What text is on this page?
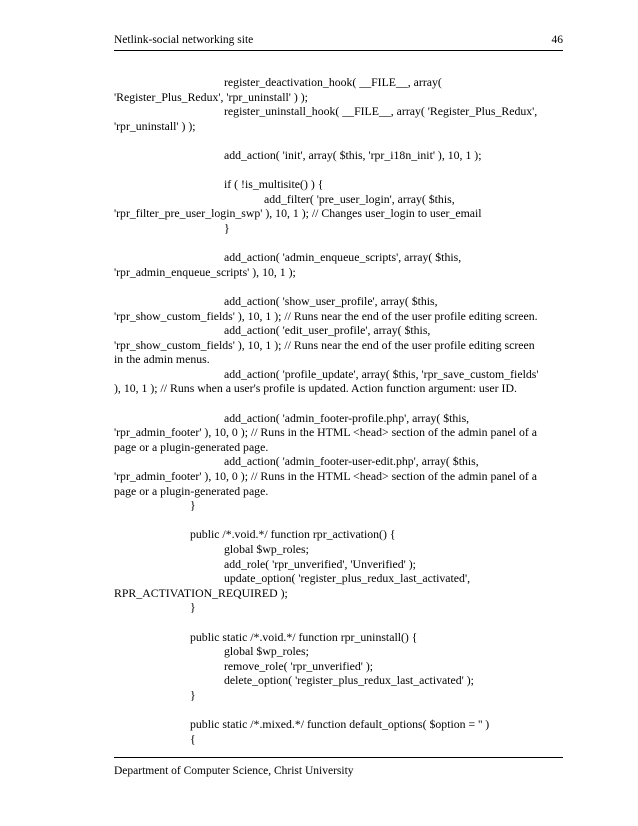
Netlink-social networking site	46
register_deactivation_hook( __FILE__, array(
'Register_Plus_Redux', 'rpr_uninstall' ) );
register_uninstall_hook( __FILE__, array( 'Register_Plus_Redux',
'rpr_uninstall' ) );
add_action( 'init', array( $this, 'rpr_i18n_init' ), 10, 1 );
if ( !is_multisite() ) {
add_filter( 'pre_user_login', array( $this,
'rpr_filter_pre_user_login_swp' ), 10, 1 ); // Changes user_login to user_email
}
add_action( 'admin_enqueue_scripts', array( $this,
'rpr_admin_enqueue_scripts' ), 10, 1 );
add_action( 'show_user_profile', array( $this,
'rpr_show_custom_fields' ), 10, 1 ); // Runs near the end of the user profile editing screen.
add_action( 'edit_user_profile', array( $this,
'rpr_show_custom_fields' ), 10, 1 ); // Runs near the end of the user profile editing screen
in the admin menus.
add_action( 'profile_update', array( $this, 'rpr_save_custom_fields'
), 10, 1 ); // Runs when a user's profile is updated. Action function argument: user ID.
add_action( 'admin_footer-profile.php', array( $this,
'rpr_admin_footer' ), 10, 0 ); // Runs in the HTML <head> section of the admin panel of a
page or a plugin-generated page.
add_action( 'admin_footer-user-edit.php', array( $this,
'rpr_admin_footer' ), 10, 0 ); // Runs in the HTML <head> section of the admin panel of a
page or a plugin-generated page.
}
public /*.void.*/ function rpr_activation() {
global $wp_roles;
add_role( 'rpr_unverified', 'Unverified' );
update_option( 'register_plus_redux_last_activated',
RPR_ACTIVATION_REQUIRED );
}
public static /*.void.*/ function rpr_uninstall() {
global $wp_roles;
remove_role( 'rpr_unverified' );
delete_option( 'register_plus_redux_last_activated' );
}
public static /*.mixed.*/ function default_options( $option = '' )
{
Department of Computer Science, Christ University
